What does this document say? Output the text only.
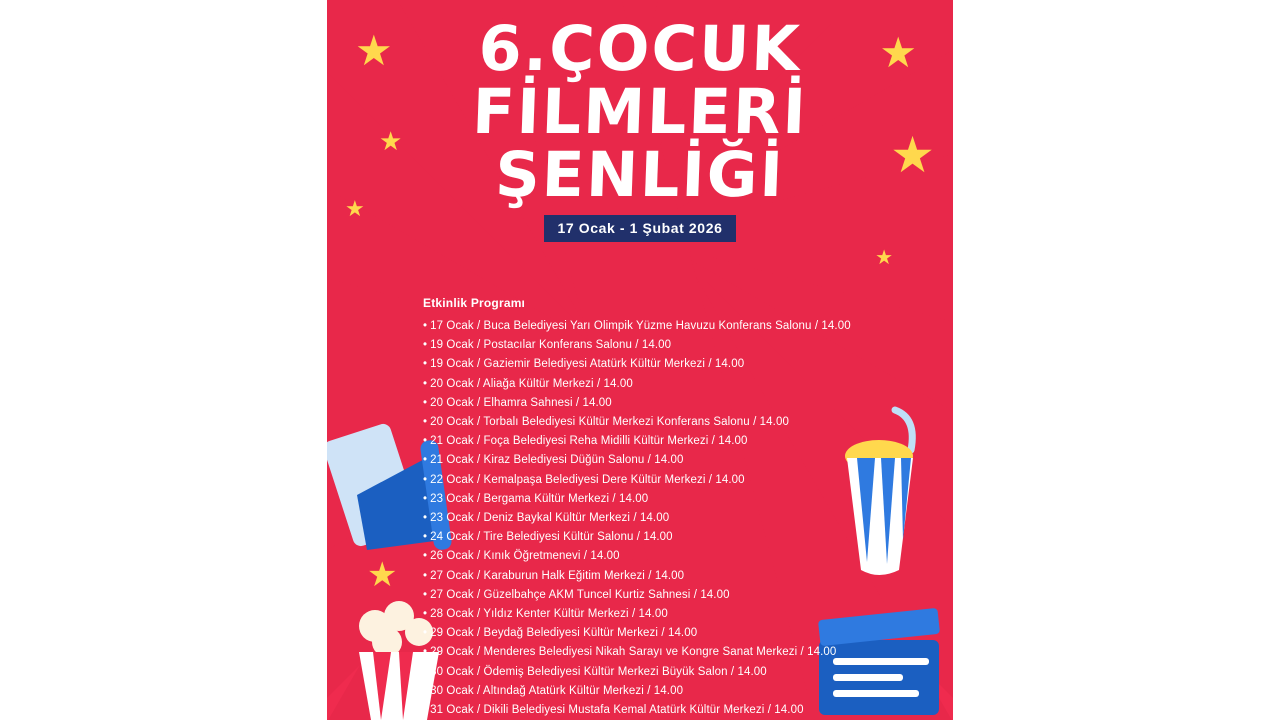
★
★
★
★
★
★
★
6.ÇOCUK
FİLMLERİ
ŞENLİĞİ
17 Ocak - 1 Şubat 2026
Etkinlik Programı
• 17 Ocak / Buca Belediyesi Yarı Olimpik Yüzme Havuzu Konferans Salonu / 14.00
• 19 Ocak / Postacılar Konferans Salonu / 14.00
• 19 Ocak / Gaziemir Belediyesi Atatürk Kültür Merkezi / 14.00
• 20 Ocak / Aliağa Kültür Merkezi / 14.00
• 20 Ocak / Elhamra Sahnesi / 14.00
• 20 Ocak / Torbalı Belediyesi Kültür Merkezi Konferans Salonu / 14.00
• 21 Ocak / Foça Belediyesi Reha Midilli Kültür Merkezi / 14.00
• 21 Ocak / Kiraz Belediyesi Düğün Salonu / 14.00
• 22 Ocak / Kemalpaşa Belediyesi Dere Kültür Merkezi / 14.00
• 23 Ocak / Bergama Kültür Merkezi / 14.00
• 23 Ocak / Deniz Baykal Kültür Merkezi / 14.00
• 24 Ocak / Tire Belediyesi Kültür Salonu / 14.00
• 26 Ocak / Kınık Öğretmenevi / 14.00
• 27 Ocak / Karaburun Halk Eğitim Merkezi / 14.00
• 27 Ocak / Güzelbahçe AKM Tuncel Kurtiz Sahnesi / 14.00
• 28 Ocak / Yıldız Kenter Kültür Merkezi / 14.00
• 29 Ocak / Beydağ Belediyesi Kültür Merkezi / 14.00
• 29 Ocak / Menderes Belediyesi Nikah Sarayı ve Kongre Sanat Merkezi / 14.00
• 30 Ocak / Ödemiş Belediyesi Kültür Merkezi Büyük Salon / 14.00
• 30 Ocak / Altındağ Atatürk Kültür Merkezi / 14.00
• 31 Ocak / Dikili Belediyesi Mustafa Kemal Atatürk Kültür Merkezi / 14.00
